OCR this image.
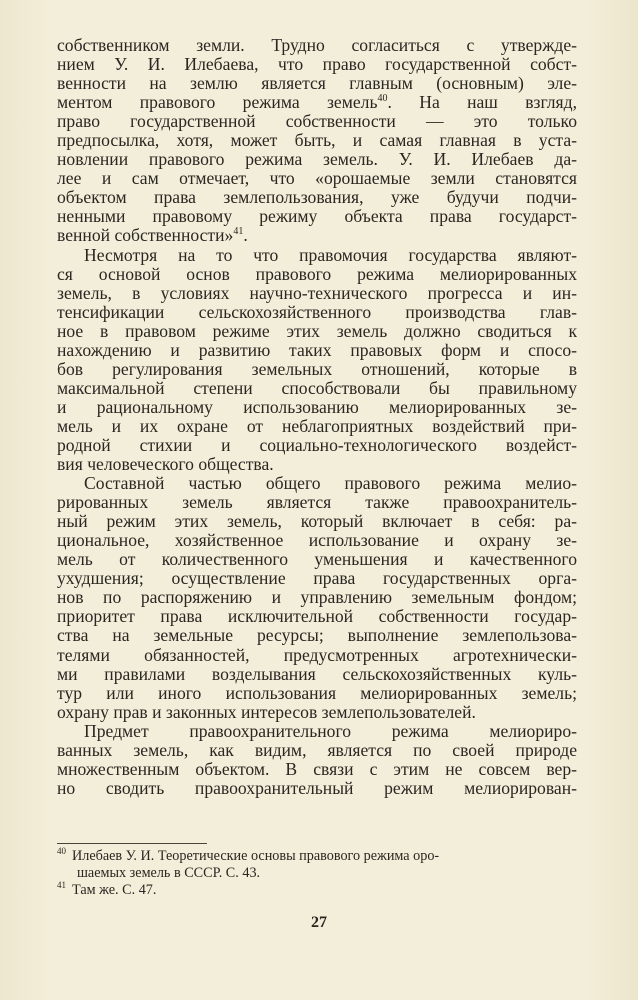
собственником земли. Трудно согласиться с утвержде-
нием У. И. Илебаева, что право государственной собст-
венности на землю является главным (основным) эле-
ментом правового режима земель$^{40}$. На наш взгляд,
право государственной собственности — это только
предпосылка, хотя, может быть, и самая главная в уста-
новлении правового режима земель. У. И. Илебаев да-
лее и сам отмечает, что «орошаемые земли становятся
объектом права землепользования, уже будучи подчи-
ненными правовому режиму объекта права государст-
венной собственности»$^{41}$.

Несмотря на то что правомочия государства являют-
ся основой основ правового режима мелиорированных
земель, в условиях научно-технического прогресса и ин-
тенсификации сельскохозяйственного производства глав-
ное в правовом режиме этих земель должно сводиться к
нахождению и развитию таких правовых форм и спосо-
бов регулирования земельных отношений, которые в
максимальной степени способствовали бы правильному
и рациональному использованию мелиорированных зе-
мель и их охране от неблагоприятных воздействий при-
родной стихии и социально-технологического воздейст-
вия человеческого общества.

Составной частью общего правового режима мелио-
рированных земель является также правоохранитель-
ный режим этих земель, который включает в себя: ра-
циональное, хозяйственное использование и охрану зе-
мель от количественного уменьшения и качественного
ухудшения; осуществление права государственных орга-
нов по распоряжению и управлению земельным фондом;
приоритет права исключительной собственности государ-
ства на земельные ресурсы; выполнение землепользова-
телями обязанностей, предусмотренных агротехнически-
ми правилами возделывания сельскохозяйственных куль-
тур или иного использования мелиорированных земель;
охрану прав и законных интересов землепользователей.

Предмет правоохранительного режима мелиориро-
ванных земель, как видим, является по своей природе
множественным объектом. В связи с этим не совсем вер-
но сводить правоохранительный режим мелиорирован-

$^{40}$ Илебаев У. И. Теоретические основы правового режима оро-
шаемых земель в СССР. С. 43.

$^{41}$ Там же. С. 47.

27
